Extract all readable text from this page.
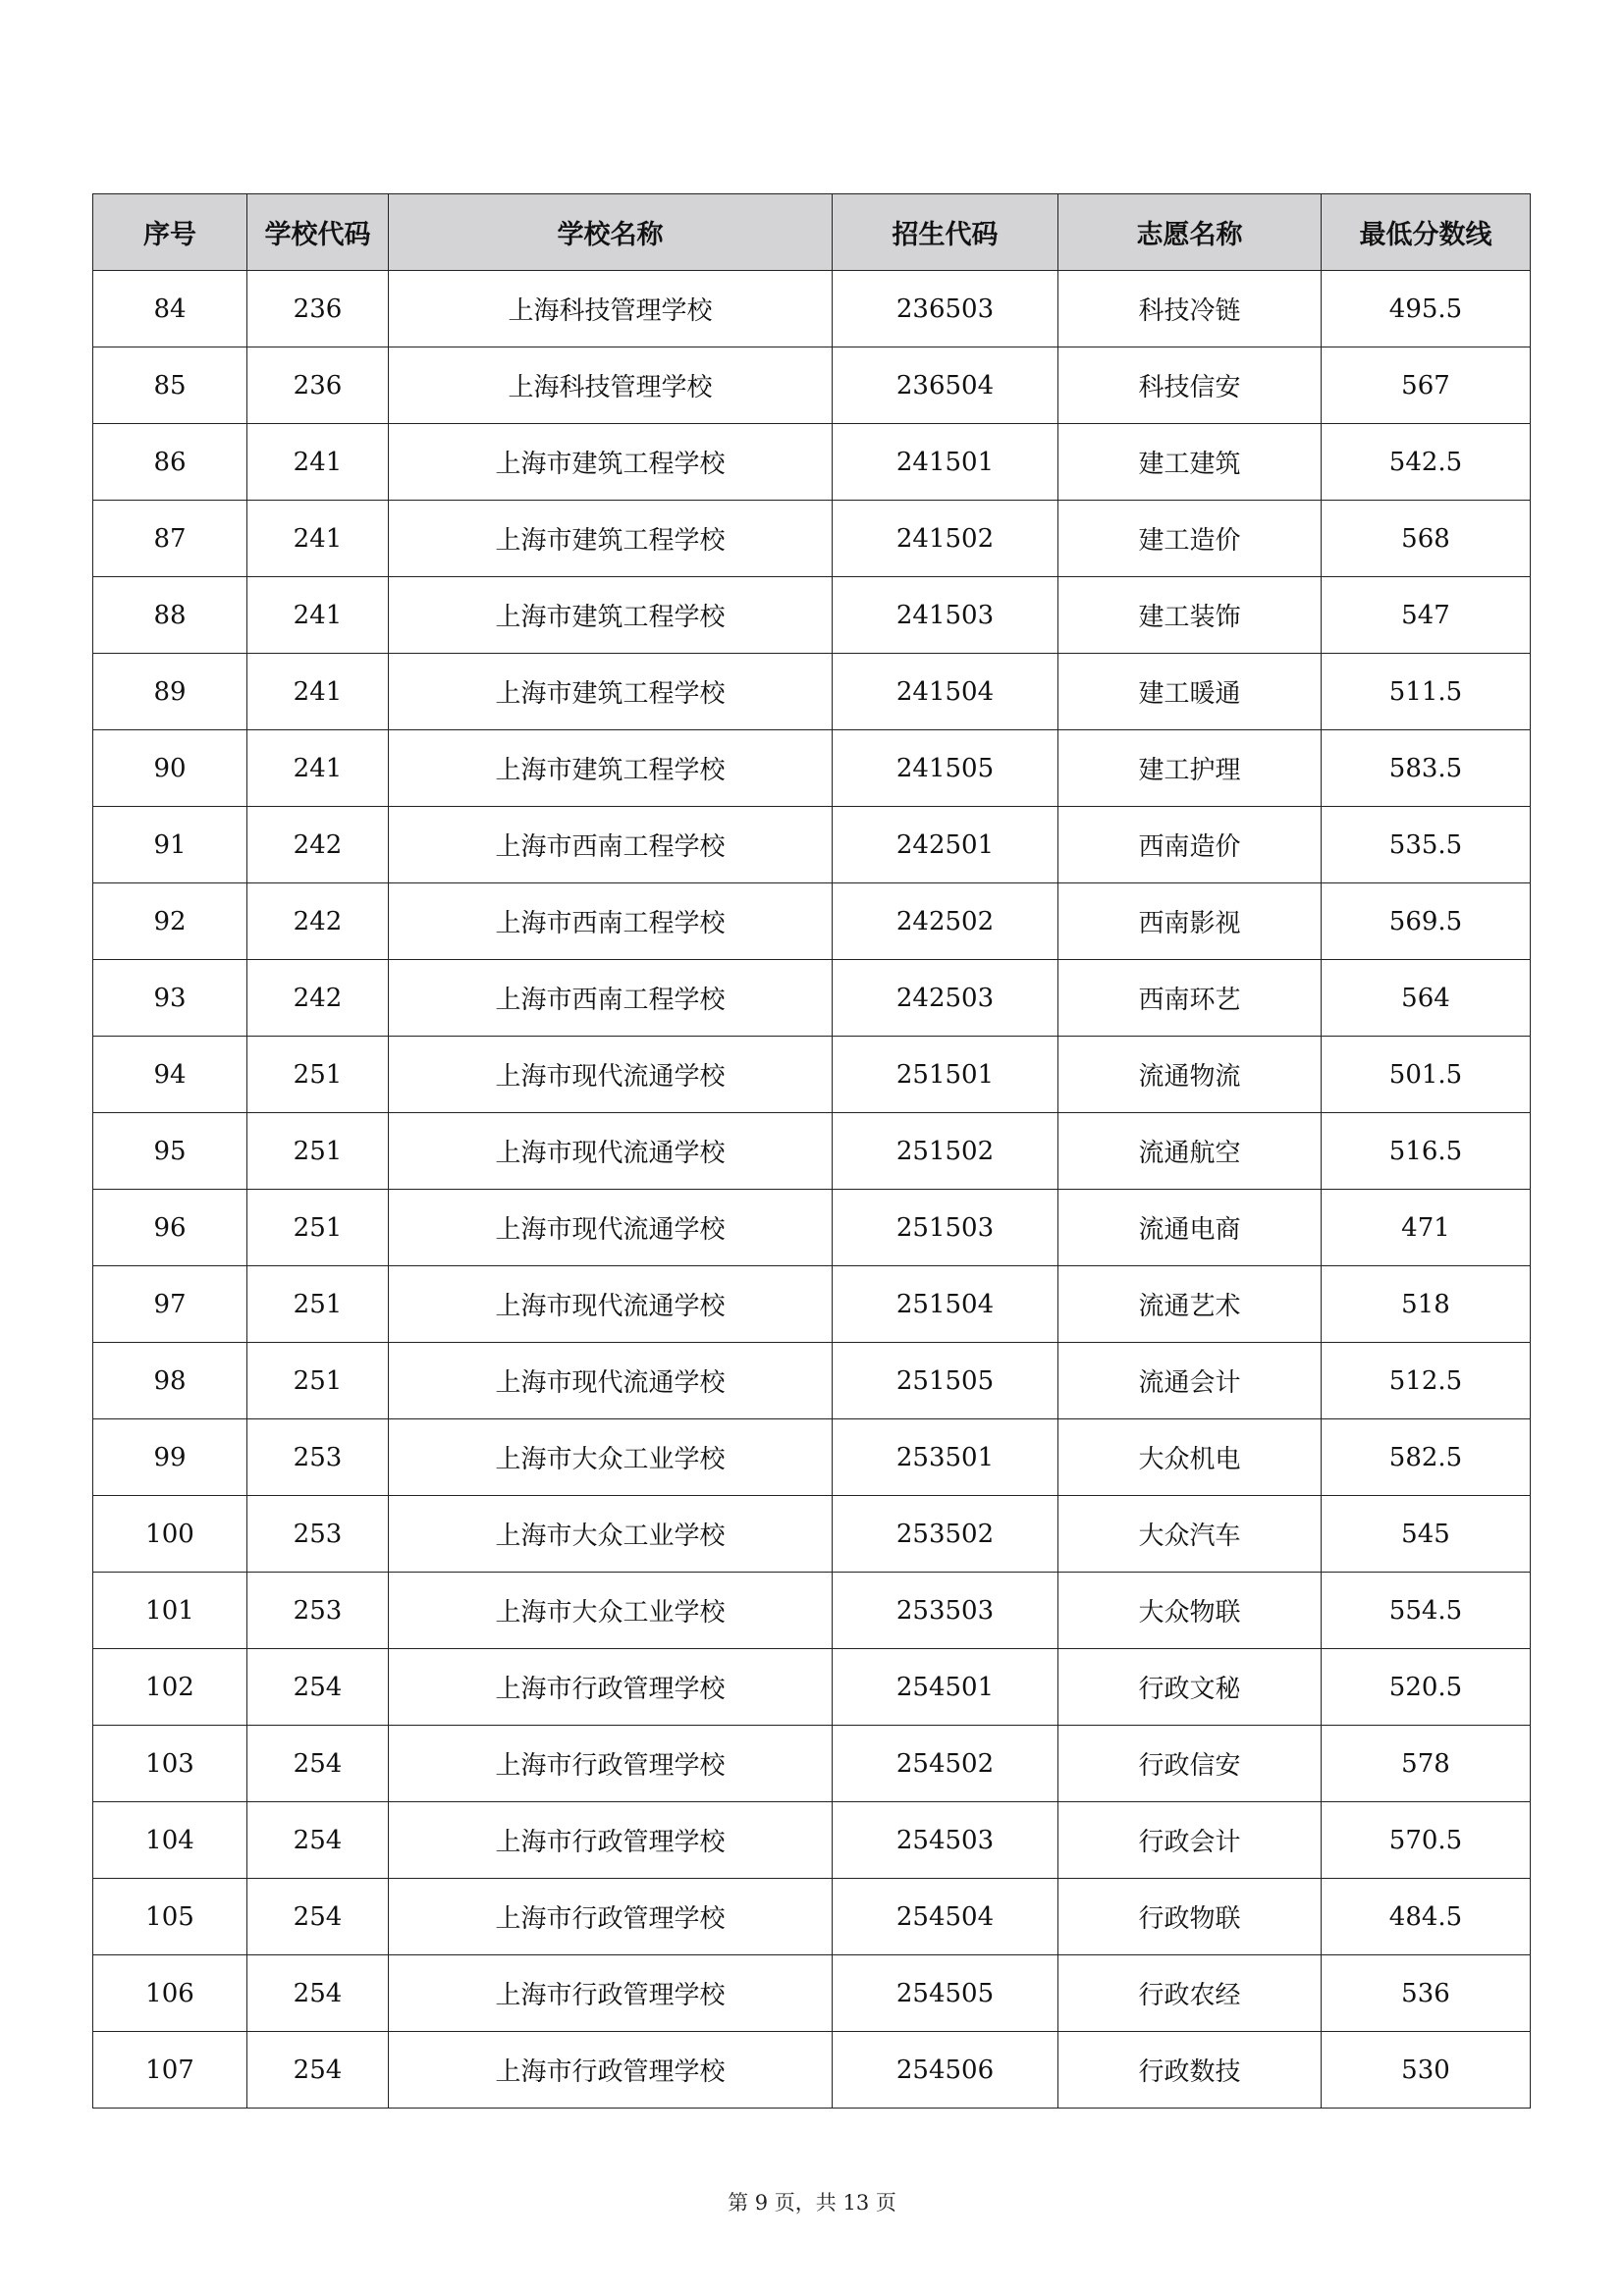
序号	学校代码	学校名称	招生代码	志愿名称	最低分数线
84	236	上海科技管理学校	236503	科技冷链	495.5
85	236	上海科技管理学校	236504	科技信安	567
86	241	上海市建筑工程学校	241501	建工建筑	542.5
87	241	上海市建筑工程学校	241502	建工造价	568
88	241	上海市建筑工程学校	241503	建工装饰	547
89	241	上海市建筑工程学校	241504	建工暖通	511.5
90	241	上海市建筑工程学校	241505	建工护理	583.5
91	242	上海市西南工程学校	242501	西南造价	535.5
92	242	上海市西南工程学校	242502	西南影视	569.5
93	242	上海市西南工程学校	242503	西南环艺	564
94	251	上海市现代流通学校	251501	流通物流	501.5
95	251	上海市现代流通学校	251502	流通航空	516.5
96	251	上海市现代流通学校	251503	流通电商	471
97	251	上海市现代流通学校	251504	流通艺术	518
98	251	上海市现代流通学校	251505	流通会计	512.5
99	253	上海市大众工业学校	253501	大众机电	582.5
100	253	上海市大众工业学校	253502	大众汽车	545
101	253	上海市大众工业学校	253503	大众物联	554.5
102	254	上海市行政管理学校	254501	行政文秘	520.5
103	254	上海市行政管理学校	254502	行政信安	578
104	254	上海市行政管理学校	254503	行政会计	570.5
105	254	上海市行政管理学校	254504	行政物联	484.5
106	254	上海市行政管理学校	254505	行政农经	536
107	254	上海市行政管理学校	254506	行政数技	530
第 9 页，共 13 页
